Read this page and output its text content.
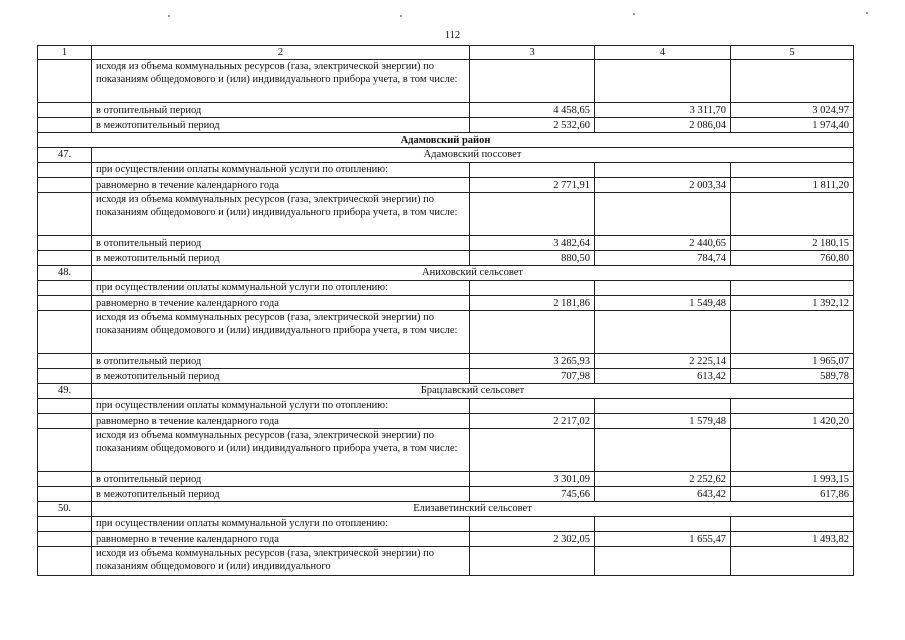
112
1	2	3	4	5
	исходя из объема коммунальных ресурсов (газа, электрической энергии) по показаниям общедомового и (или) индивидуального прибора учета, в том числе:			
	в отопительный период	4 458,65	3 311,70	3 024,97
	в межотопительный период	2 532,60	2 086,04	1 974,40
Адамовский район				
47.	Адамовский поссовет			
	при осуществлении оплаты коммунальной услуги по отоплению:			
	равномерно в течение календарного года	2 771,91	2 003,34	1 811,20
	исходя из объема коммунальных ресурсов (газа, электрической энергии) по показаниям общедомового и (или) индивидуального прибора учета, в том числе:			
	в отопительный период	3 482,64	2 440,65	2 180,15
	в межотопительный период	880,50	784,74	760,80
48.	Аниховский сельсовет			
	при осуществлении оплаты коммунальной услуги по отоплению:			
	равномерно в течение календарного года	2 181,86	1 549,48	1 392,12
	исходя из объема коммунальных ресурсов (газа, электрической энергии) по показаниям общедомового и (или) индивидуального прибора учета, в том числе:			
	в отопительный период	3 265,93	2 225,14	1 965,07
	в межотопительный период	707,98	613,42	589,78
49.	Брацлавский сельсовет			
	при осуществлении оплаты коммунальной услуги по отоплению:			
	равномерно в течение календарного года	2 217,02	1 579,48	1 420,20
	исходя из объема коммунальных ресурсов (газа, электрической энергии) по показаниям общедомового и (или) индивидуального прибора учета, в том числе:			
	в отопительный период	3 301,09	2 252,62	1 993,15
	в межотопительный период	745,66	643,42	617,86
50.	Елизаветинский сельсовет			
	при осуществлении оплаты коммунальной услуги по отоплению:			
	равномерно в течение календарного года	2 302,05	1 655,47	1 493,82
	исходя из объема коммунальных ресурсов (газа, электрической энергии) по показаниям общедомового и (или) индивидуального			
